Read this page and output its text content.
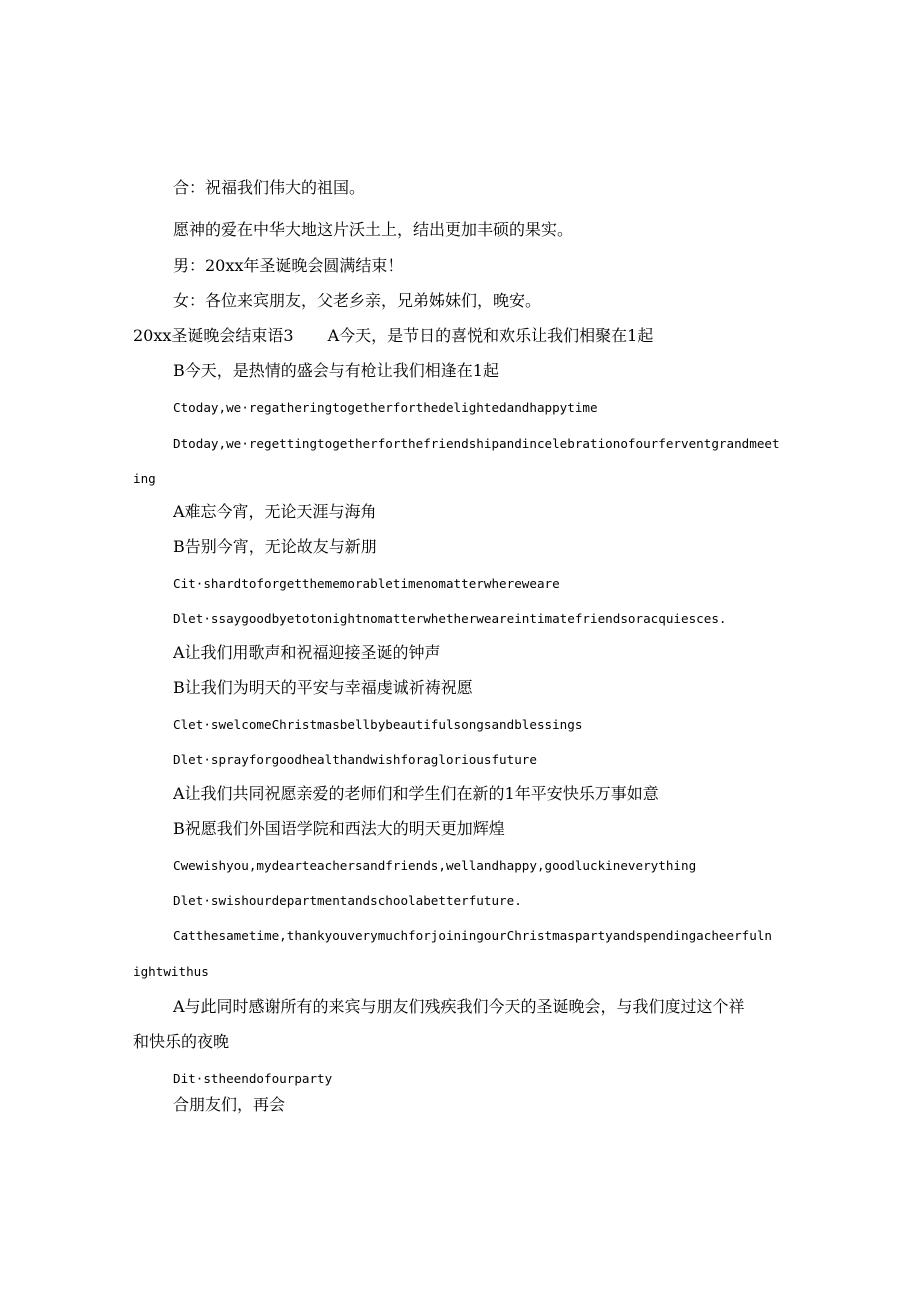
合：祝福我们伟大的祖国。
愿神的爱在中华大地这片沃土上，结出更加丰硕的果实。
男：20xx年圣诞晚会圆满结束！
女：各位来宾朋友，父老乡亲，兄弟姊妹们，晚安。
20xx圣诞晚会结束语3 A今天，是节日的喜悦和欢乐让我们相聚在1起
B今天，是热情的盛会与有枪让我们相逢在1起
Ctoday,we·regatheringtogetherforthedelightedandhappytime
Dtoday,we·regettingtogetherforthefriendshipandincelebrationofourferventgrandmeet
ing
A难忘今宵，无论天涯与海角
B告别今宵，无论故友与新朋
Cit·shardtoforgetthememorabletimenomatterwhereweare
Dlet·ssaygoodbyetotonightnomatterwhetherweareintimatefriendsoracquiesces.
A让我们用歌声和祝福迎接圣诞的钟声
B让我们为明天的平安与幸福虔诚祈祷祝愿
Clet·swelcomeChristmasbellbybeautifulsongsandblessings
Dlet·sprayforgoodhealthandwishforagloriousfuture
A让我们共同祝愿亲爱的老师们和学生们在新的1年平安快乐万事如意
B祝愿我们外国语学院和西法大的明天更加辉煌
Cwewishyou,mydearteachersandfriends,wellandhappy,goodluckineverything
Dlet·swishourdepartmentandschoolabetterfuture.
Catthesametime,thankyouverymuchforjoiningourChristmaspartyandspendingacheerfuln
ightwithus
A与此同时感谢所有的来宾与朋友们残疾我们今天的圣诞晚会，与我们度过这个祥
和快乐的夜晚
Dit·stheendofourparty
合朋友们，再会
